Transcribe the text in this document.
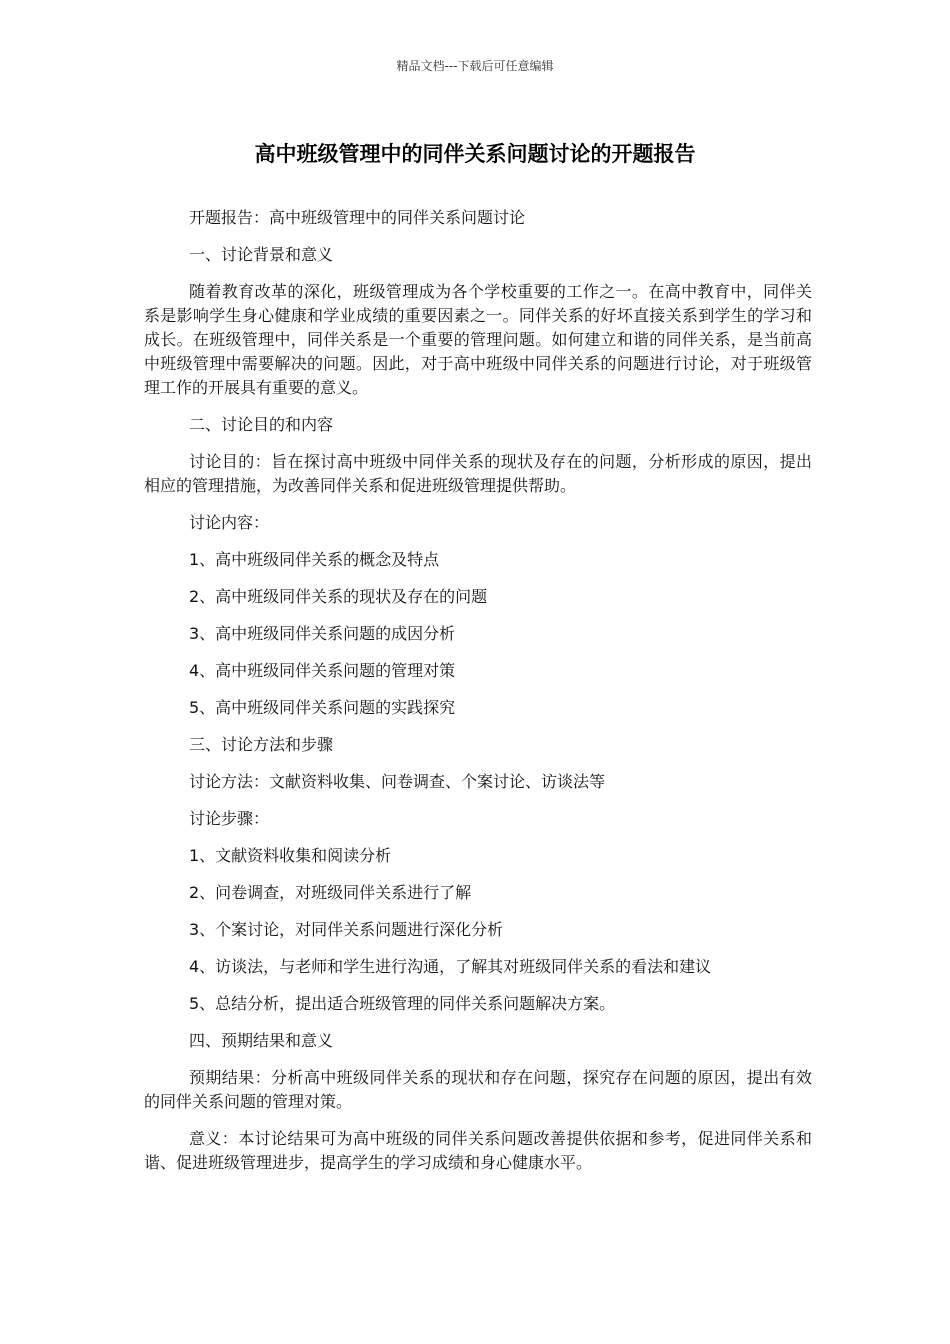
精品文档---下载后可任意编辑
高中班级管理中的同伴关系问题讨论的开题报告

开题报告：高中班级管理中的同伴关系问题讨论

一、讨论背景和意义

随着教育改革的深化，班级管理成为各个学校重要的工作之一。在高中教育中，同伴关系是影响学生身心健康和学业成绩的重要因素之一。同伴关系的好坏直接关系到学生的学习和成长。在班级管理中，同伴关系是一个重要的管理问题。如何建立和谐的同伴关系，是当前高中班级管理中需要解决的问题。因此，对于高中班级中同伴关系的问题进行讨论，对于班级管理工作的开展具有重要的意义。

二、讨论目的和内容

讨论目的：旨在探讨高中班级中同伴关系的现状及存在的问题，分析形成的原因，提出相应的管理措施，为改善同伴关系和促进班级管理提供帮助。

讨论内容：

1、高中班级同伴关系的概念及特点

2、高中班级同伴关系的现状及存在的问题

3、高中班级同伴关系问题的成因分析

4、高中班级同伴关系问题的管理对策

5、高中班级同伴关系问题的实践探究

三、讨论方法和步骤

讨论方法：文献资料收集、问卷调查、个案讨论、访谈法等

讨论步骤：

1、文献资料收集和阅读分析

2、问卷调查，对班级同伴关系进行了解

3、个案讨论，对同伴关系问题进行深化分析

4、访谈法，与老师和学生进行沟通，了解其对班级同伴关系的看法和建议

5、总结分析，提出适合班级管理的同伴关系问题解决方案。

四、预期结果和意义

预期结果：分析高中班级同伴关系的现状和存在问题，探究存在问题的原因，提出有效的同伴关系问题的管理对策。

意义：本讨论结果可为高中班级的同伴关系问题改善提供依据和参考，促进同伴关系和谐、促进班级管理进步，提高学生的学习成绩和身心健康水平。
